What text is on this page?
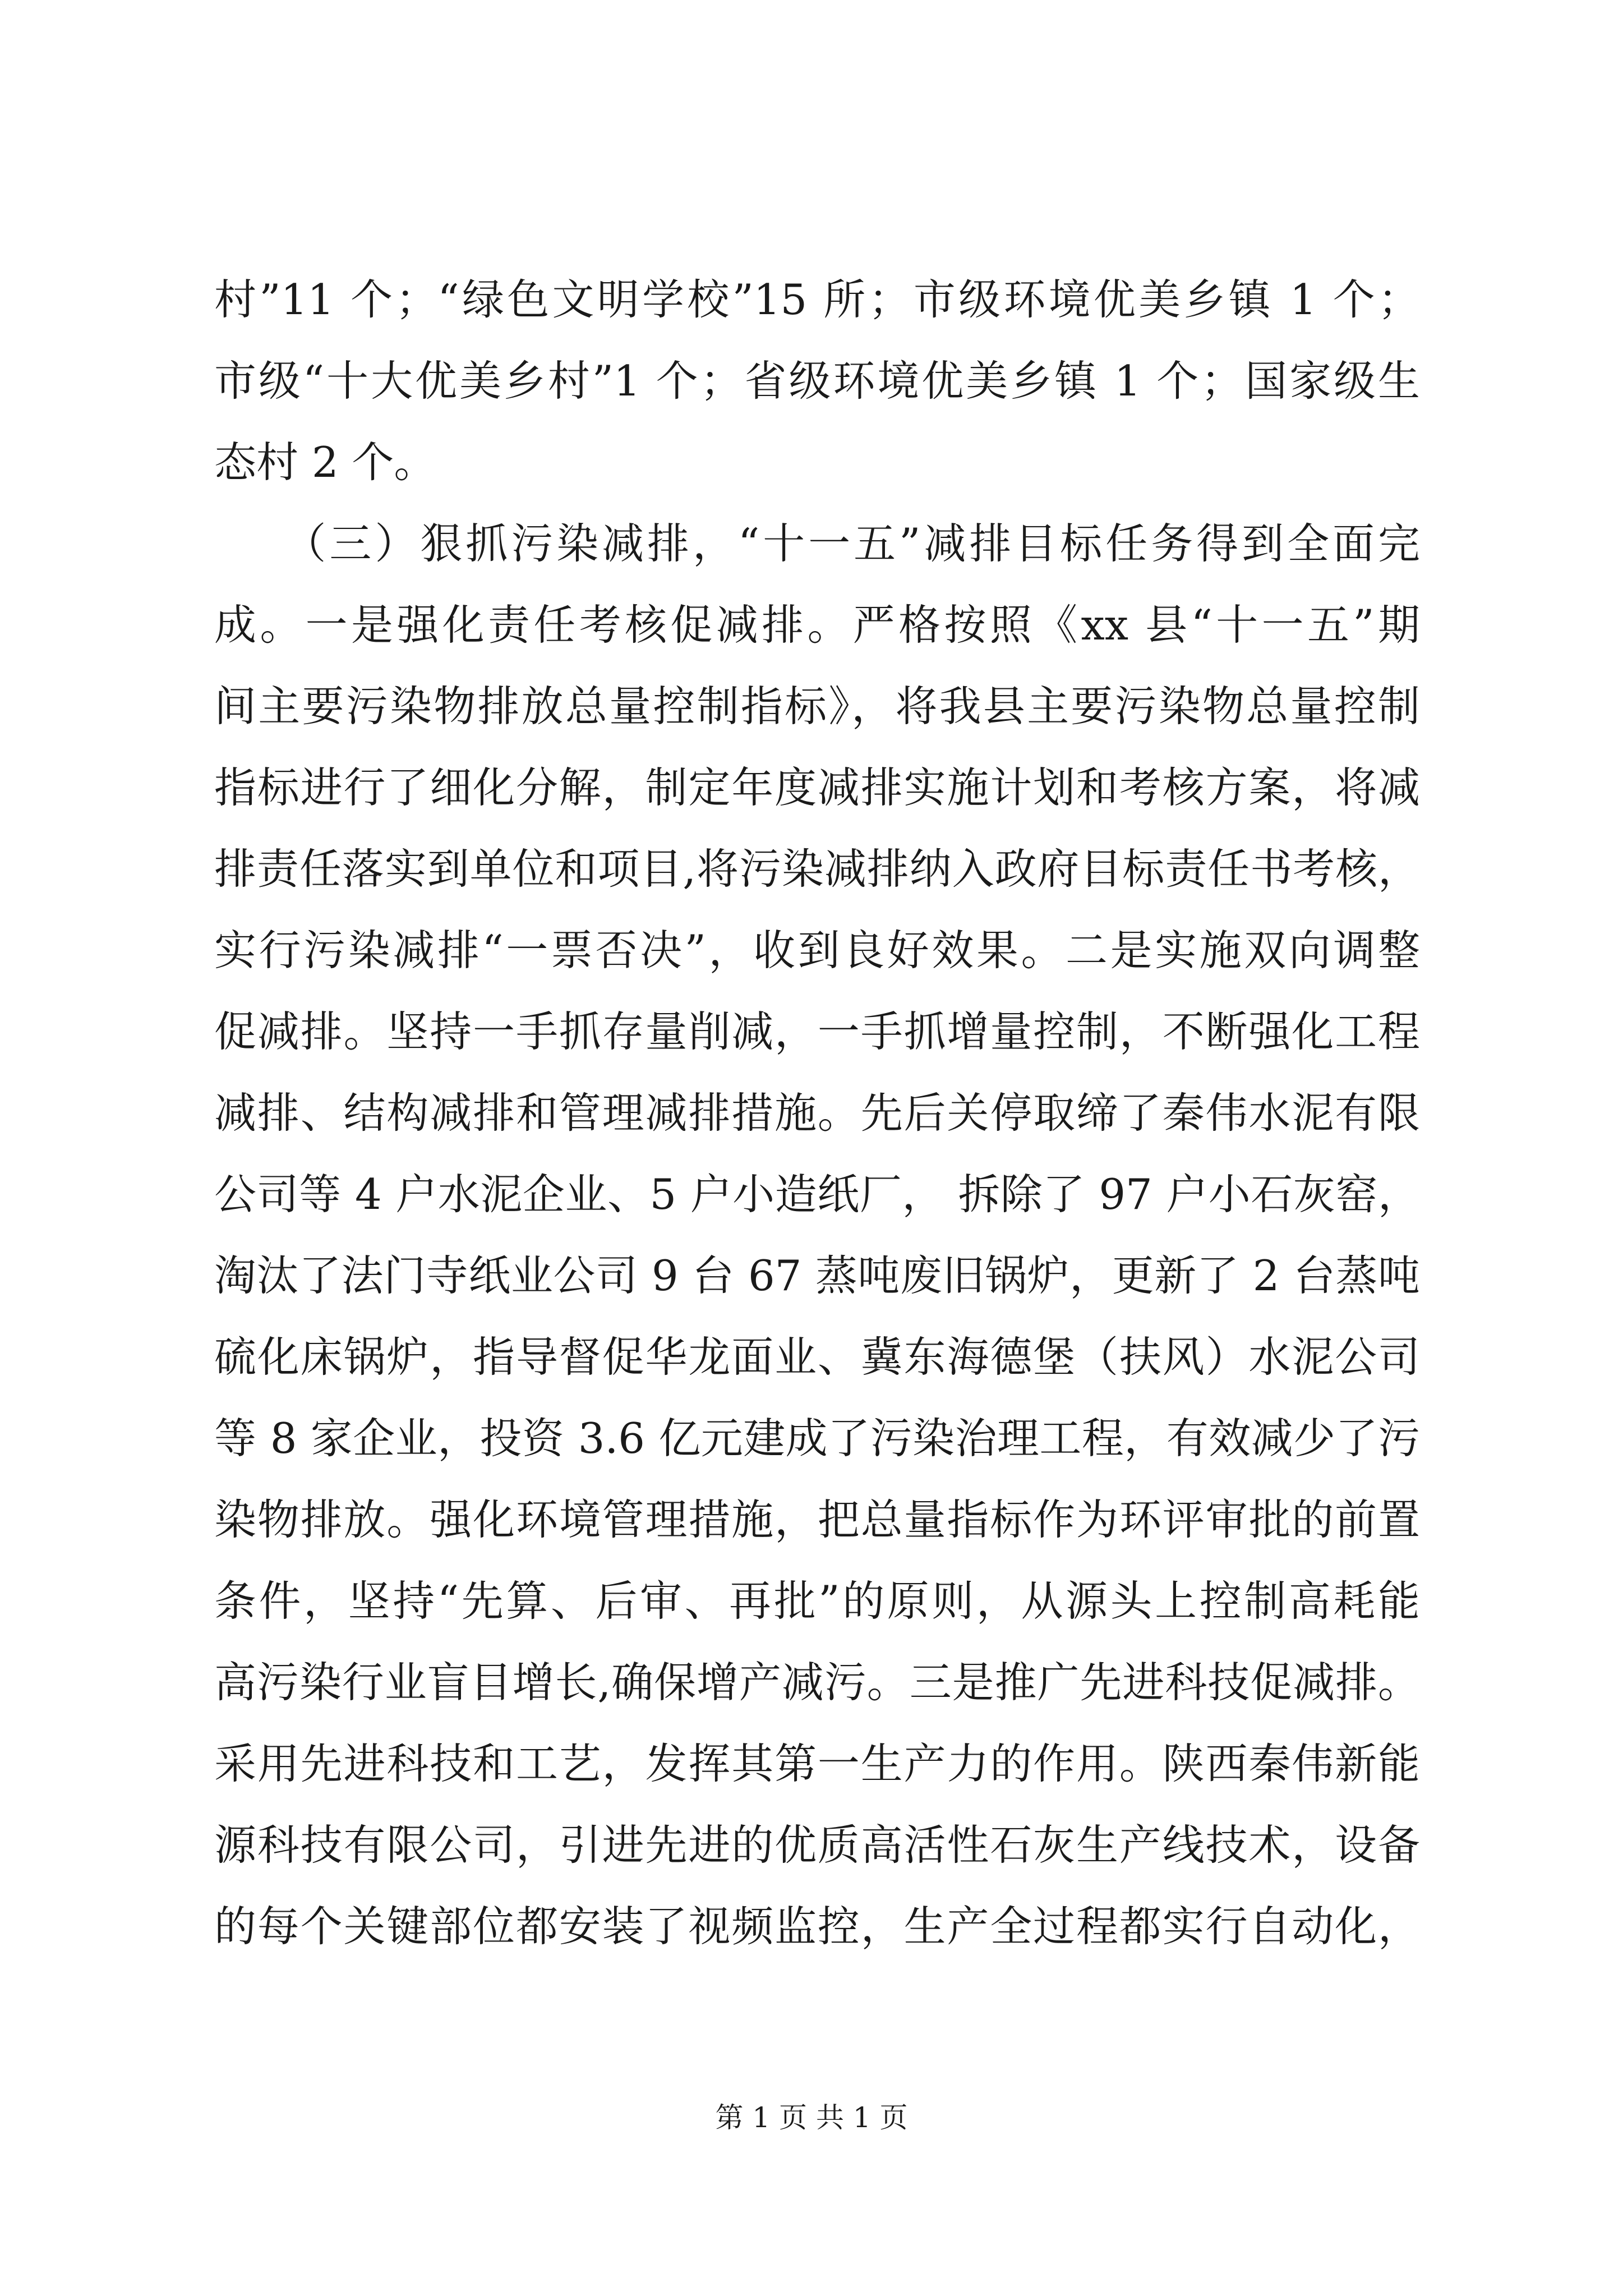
村”11 个；“绿色文明学校”15 所；市级环境优美乡镇 1 个；
市级“十大优美乡村”1 个；省级环境优美乡镇 1 个；国家级生
态村 2 个。
　　（三）狠抓污染减排，“十一五”减排目标任务得到全面完
成。一是强化责任考核促减排。严格按照《xx 县“十一五”期
间主要污染物排放总量控制指标》，将我县主要污染物总量控制
指标进行了细化分解，制定年度减排实施计划和考核方案，将减
排责任落实到单位和项目,将污染减排纳入政府目标责任书考核，
实行污染减排“一票否决”，收到良好效果。二是实施双向调整
促减排。坚持一手抓存量削减，一手抓增量控制，不断强化工程
减排、结构减排和管理减排措施。先后关停取缔了秦伟水泥有限
公司等 4 户水泥企业、5 户小造纸厂， 拆除了 97 户小石灰窑，
淘汰了法门寺纸业公司 9 台 67 蒸吨废旧锅炉，更新了 2 台蒸吨
硫化床锅炉，指导督促华龙面业、冀东海德堡（扶风）水泥公司
等 8 家企业，投资 3.6 亿元建成了污染治理工程，有效减少了污
染物排放。强化环境管理措施，把总量指标作为环评审批的前置
条件，坚持“先算、后审、再批”的原则，从源头上控制高耗能
高污染行业盲目增长,确保增产减污。三是推广先进科技促减排。
采用先进科技和工艺，发挥其第一生产力的作用。陕西秦伟新能
源科技有限公司，引进先进的优质高活性石灰生产线技术，设备
的每个关键部位都安装了视频监控，生产全过程都实行自动化，
第 1 页 共 1 页
